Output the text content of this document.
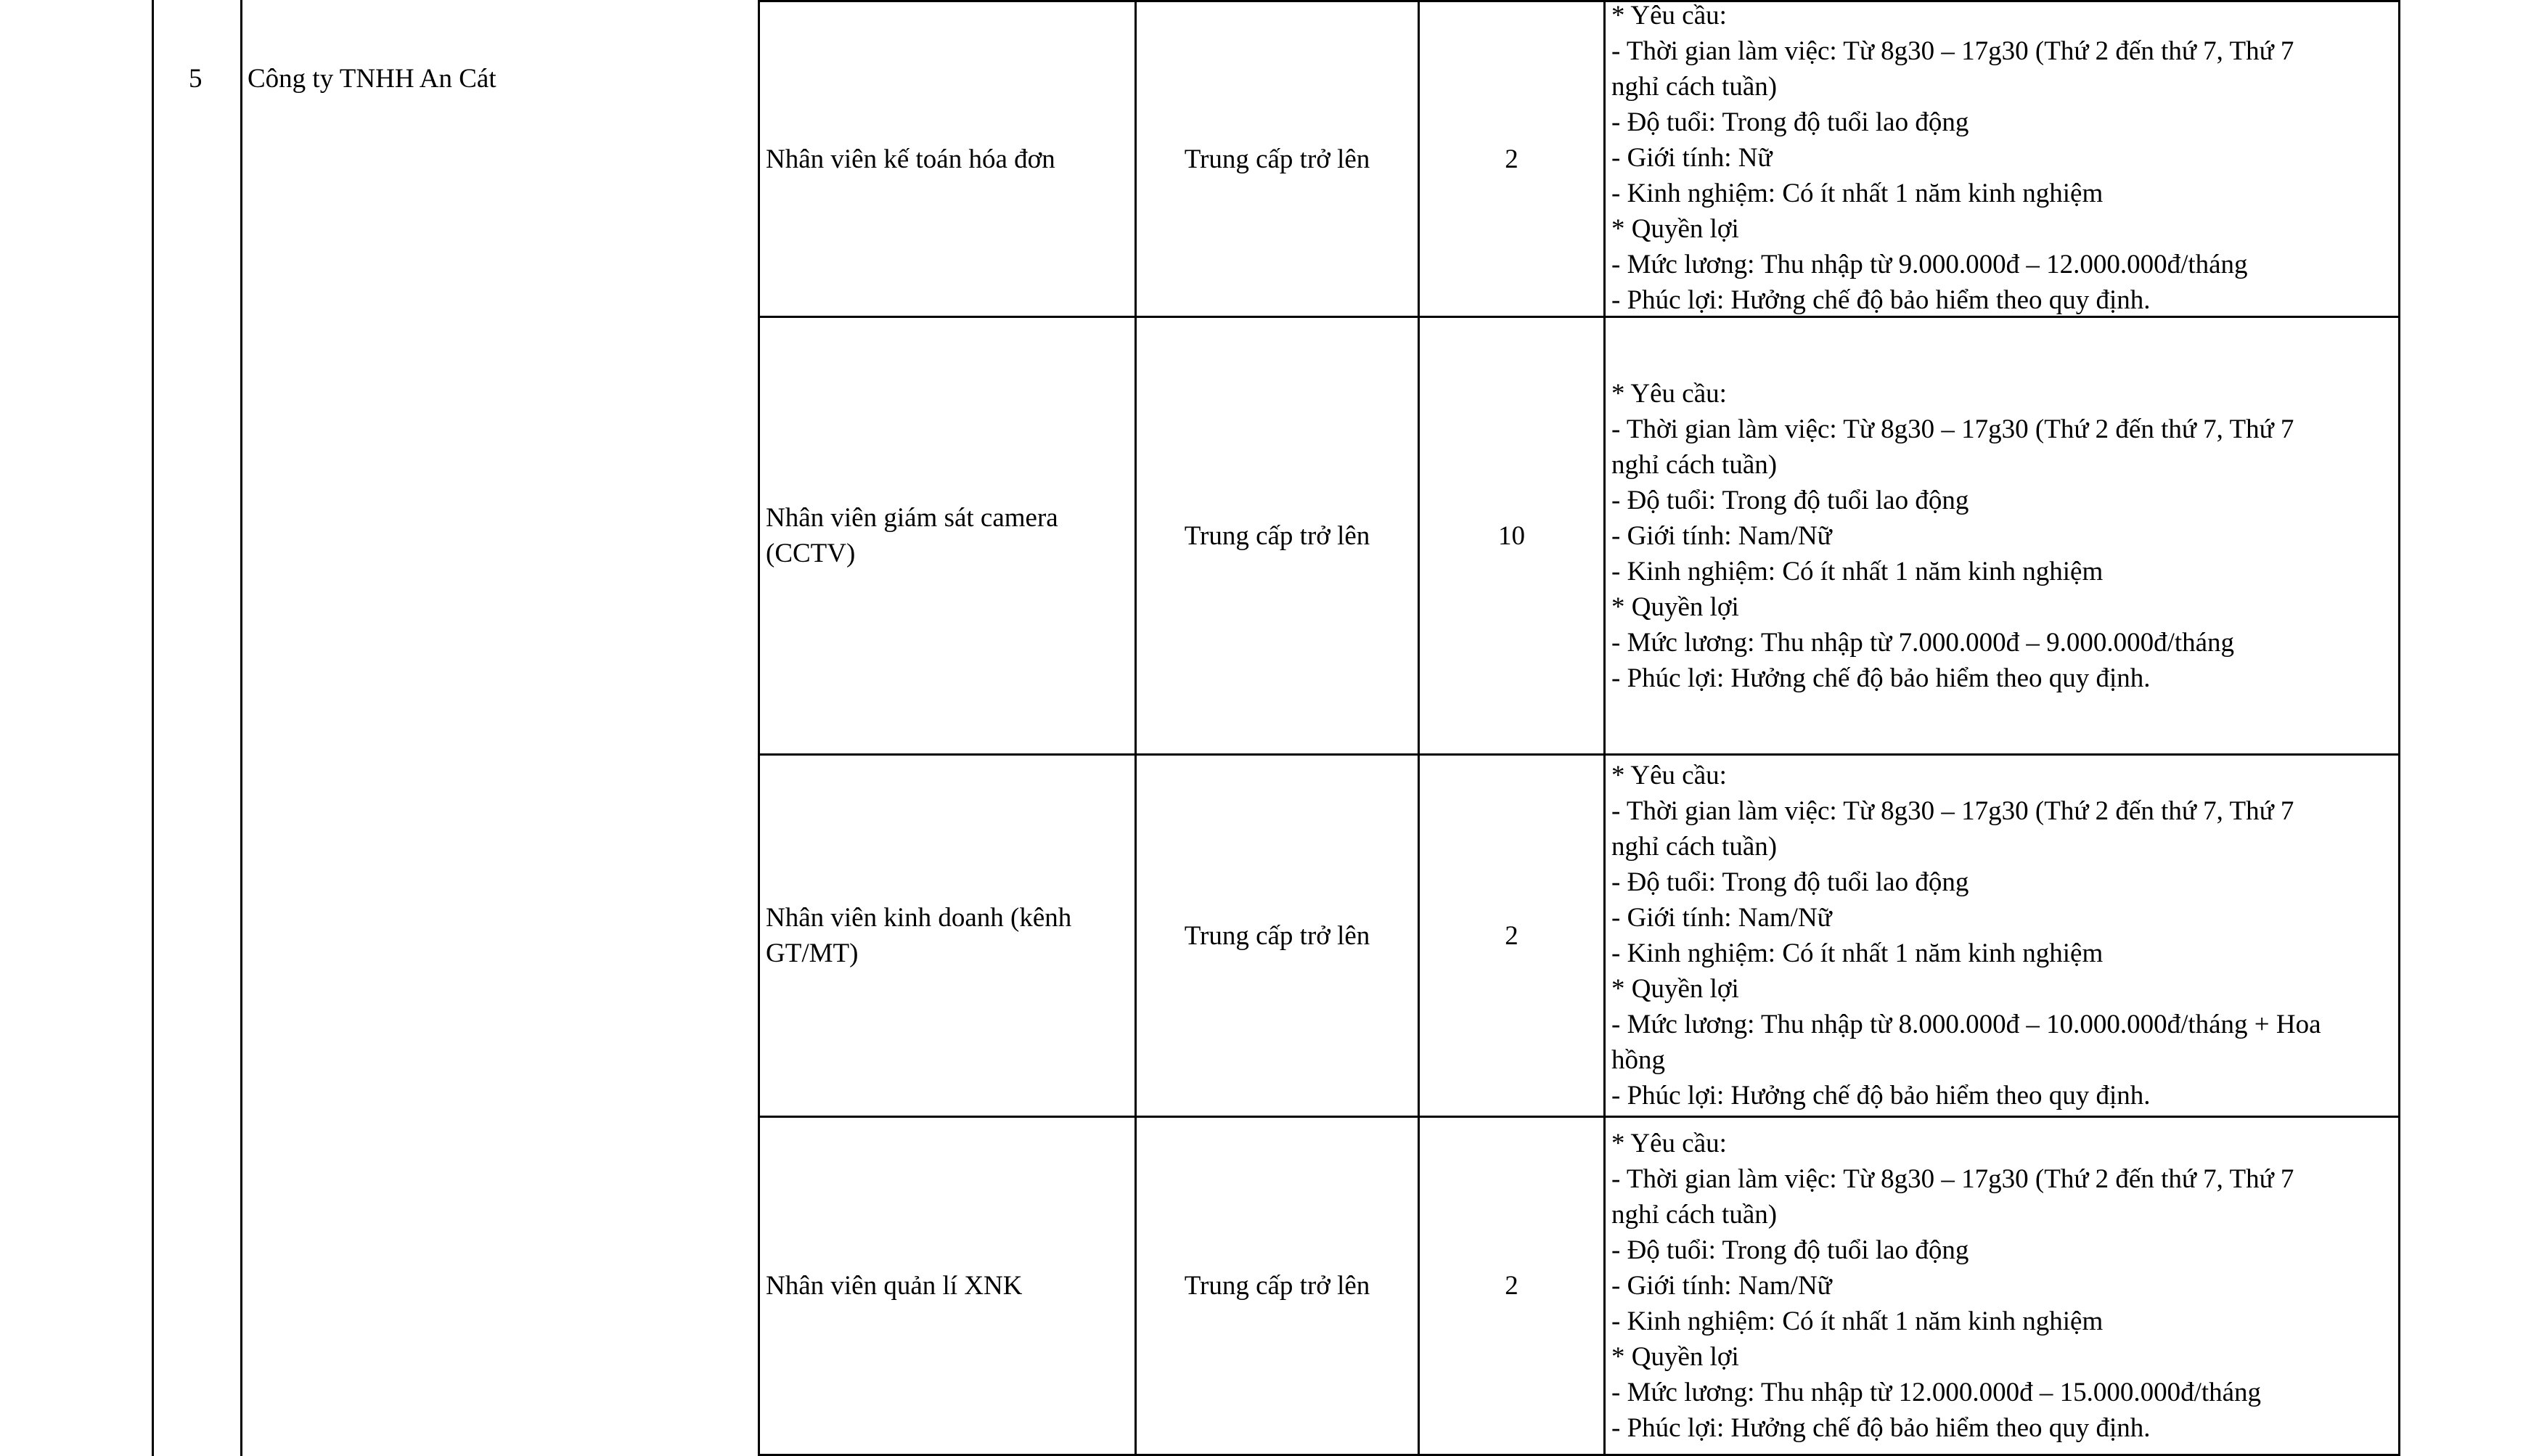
5 Công ty TNHH An Cát
Nhân viên kế toán hóa đơn	Trung cấp trở lên	2
* Yêu cầu:
- Thời gian làm việc: Từ 8g30 – 17g30 (Thứ 2 đến thứ 7, Thứ 7
nghỉ cách tuần)
- Độ tuổi: Trong độ tuổi lao động
- Giới tính: Nữ
- Kinh nghiệm: Có ít nhất 1 năm kinh nghiệm
* Quyền lợi
- Mức lương: Thu nhập từ 9.000.000đ – 12.000.000đ/tháng
- Phúc lợi: Hưởng chế độ bảo hiểm theo quy định.
Nhân viên giám sát camera
(CCTV)
Trung cấp trở lên	10
* Yêu cầu:
- Thời gian làm việc: Từ 8g30 – 17g30 (Thứ 2 đến thứ 7, Thứ 7
nghỉ cách tuần)
- Độ tuổi: Trong độ tuổi lao động
- Giới tính: Nam/Nữ
- Kinh nghiệm: Có ít nhất 1 năm kinh nghiệm
* Quyền lợi
- Mức lương: Thu nhập từ 7.000.000đ – 9.000.000đ/tháng
- Phúc lợi: Hưởng chế độ bảo hiểm theo quy định.
Nhân viên kinh doanh (kênh
GT/MT)
Trung cấp trở lên	2
* Yêu cầu:
- Thời gian làm việc: Từ 8g30 – 17g30 (Thứ 2 đến thứ 7, Thứ 7
nghỉ cách tuần)
- Độ tuổi: Trong độ tuổi lao động
- Giới tính: Nam/Nữ
- Kinh nghiệm: Có ít nhất 1 năm kinh nghiệm
* Quyền lợi
- Mức lương: Thu nhập từ 8.000.000đ – 10.000.000đ/tháng + Hoa
hồng
- Phúc lợi: Hưởng chế độ bảo hiểm theo quy định.
Nhân viên quản lí XNK	Trung cấp trở lên	2
* Yêu cầu:
- Thời gian làm việc: Từ 8g30 – 17g30 (Thứ 2 đến thứ 7, Thứ 7
nghỉ cách tuần)
- Độ tuổi: Trong độ tuổi lao động
- Giới tính: Nam/Nữ
- Kinh nghiệm: Có ít nhất 1 năm kinh nghiệm
* Quyền lợi
- Mức lương: Thu nhập từ 12.000.000đ – 15.000.000đ/tháng
- Phúc lợi: Hưởng chế độ bảo hiểm theo quy định.
